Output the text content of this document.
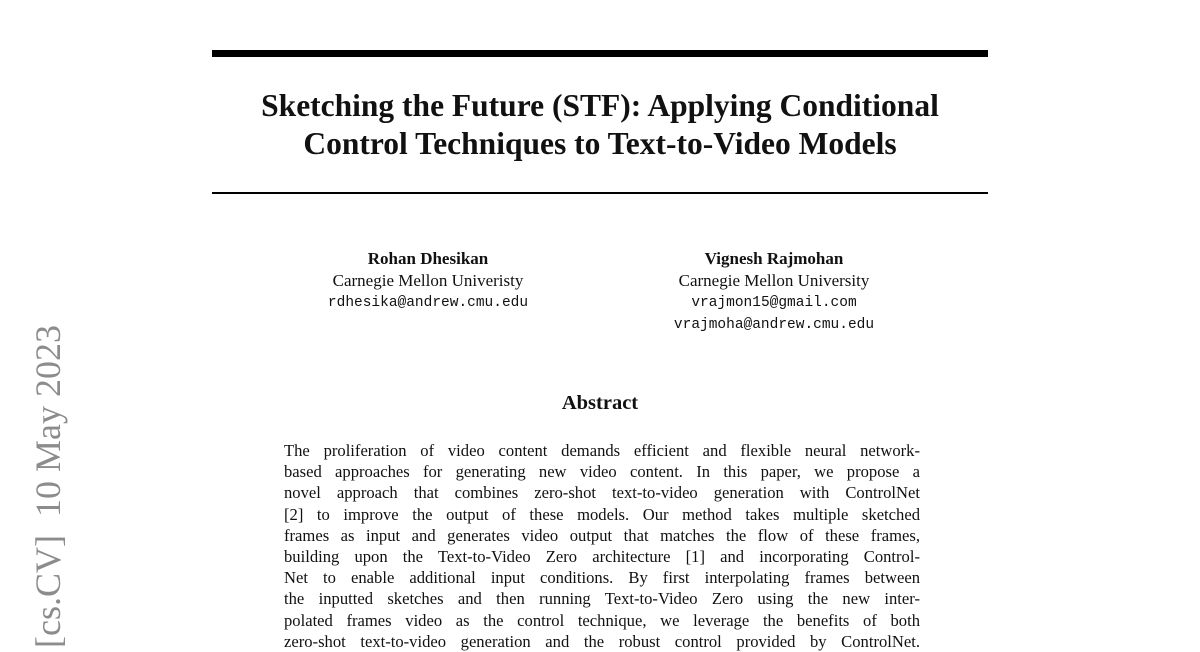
[cs.CV]10 May 2023
Sketching the Future (STF): Applying Conditional
Control Techniques to Text-to-Video Models
Rohan Dhesikan
Carnegie Mellon Univeristy
rdhesika@andrew.cmu.edu
Vignesh Rajmohan
Carnegie Mellon University
vrajmon15@gmail.com
vrajmoha@andrew.cmu.edu
Abstract
The proliferation of video content demands efficient and flexible neural network-
based approaches for generating new video content. In this paper, we propose a
novel approach that combines zero-shot text-to-video generation with ControlNet
[2] to improve the output of these models. Our method takes multiple sketched
frames as input and generates video output that matches the flow of these frames,
building upon the Text-to-Video Zero architecture [1] and incorporating Control-
Net to enable additional input conditions. By first interpolating frames between
the inputted sketches and then running Text-to-Video Zero using the new inter-
polated frames video as the control technique, we leverage the benefits of both
zero-shot text-to-video generation and the robust control provided by ControlNet.
